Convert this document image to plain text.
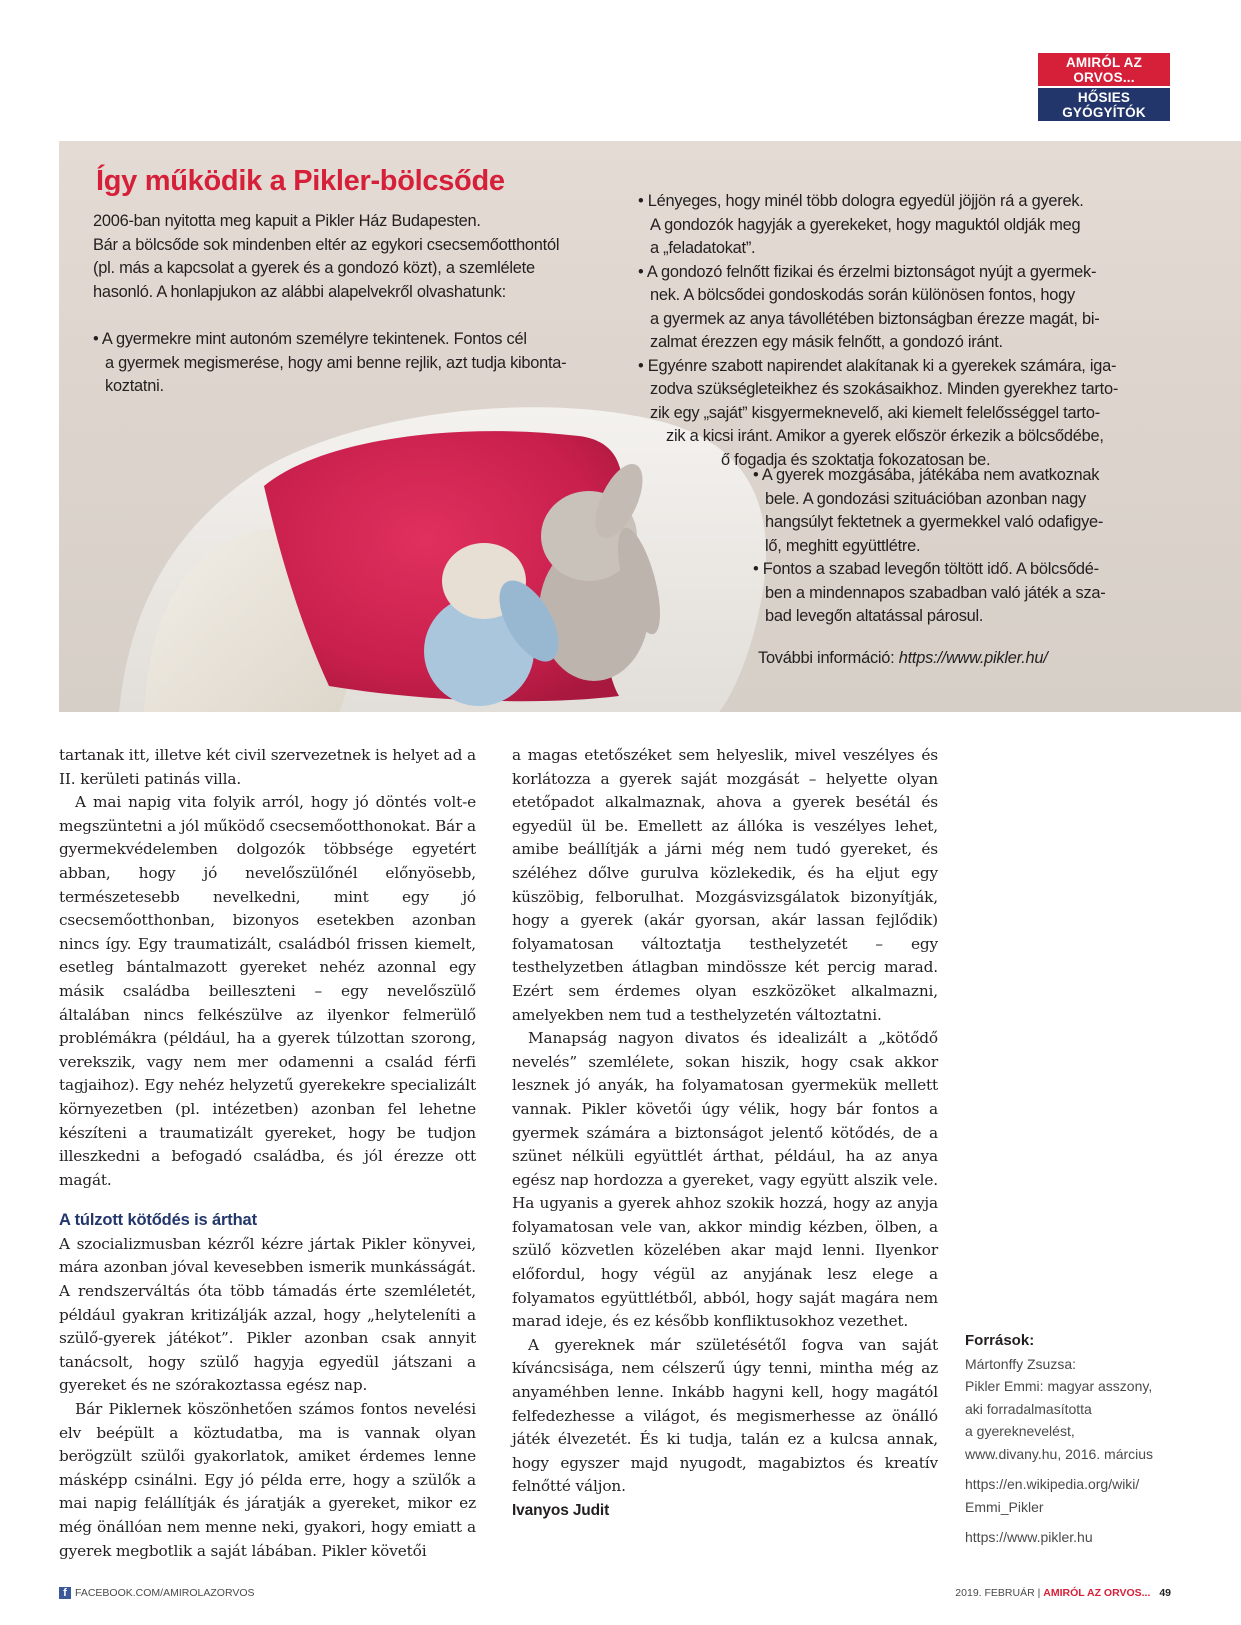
AMIRÓL AZ ORVOS...
HŐSIES GYÓGYÍTÓK
Így működik a Pikler-bölcsőde

2006-ban nyitotta meg kapuit a Pikler Ház Budapesten.

Bár a bölcsőde sok mindenben eltér az egykori csecsemőotthontól

(pl. más a kapcsolat a gyerek és a gondozó közt), a szemlélete

hasonló. A honlapjukon az alábbi alapelvekről olvashatunk:

• A gyermekre mint autonóm személyre tekintenek. Fontos cél

a gyermek megismerése, hogy ami benne rejlik, azt tudja kibonta-

koztatni.

• Lényeges, hogy minél több dologra egyedül jöjjön rá a gyerek.

A gondozók hagyják a gyerekeket, hogy maguktól oldják meg

a „feladatokat”.

• A gondozó felnőtt fizikai és érzelmi biztonságot nyújt a gyermek-

nek. A bölcsődei gondoskodás során különösen fontos, hogy

a gyermek az anya távollétében biztonságban érezze magát, bi-

zalmat érezzen egy másik felnőtt, a gondozó iránt.

• Egyénre szabott napirendet alakítanak ki a gyerekek számára, iga-

zodva szükségleteikhez és szokásaikhoz. Minden gyerekhez tarto-

zik egy „saját” kisgyermeknevelő, aki kiemelt felelősséggel tarto-

zik a kicsi iránt. Amikor a gyerek először érkezik a bölcsődébe,

ő fogadja és szoktatja fokozatosan be.

• A gyerek mozgásába, játékába nem avatkoznak

bele. A gondozási szituációban azonban nagy

hangsúlyt fektetnek a gyermekkel való odafigye-

lő, meghitt együttlétre.

• Fontos a szabad levegőn töltött idő. A bölcsődé-

ben a mindennapos szabadban való játék a sza-

bad levegőn altatással párosul.

További információ: https://www.pikler.hu/

tartanak itt, illetve két civil szervezetnek is helyet ad a II. kerületi patinás villa.

A mai napig vita folyik arról, hogy jó döntés volt-e megszüntetni a jól működő csecsemőotthonokat. Bár a gyermekvédelemben dolgozók többsége egyetért abban, hogy jó nevelőszülőnél előnyösebb, természetesebb nevelkedni, mint egy jó csecsemőotthonban, bizonyos esetekben azonban nincs így. Egy traumatizált, családból frissen kiemelt, esetleg bántalmazott gyereket nehéz azonnal egy másik családba beilleszteni – egy nevelőszülő általában nincs felkészülve az ilyenkor felmerülő problémákra (például, ha a gyerek túlzottan szorong, verekszik, vagy nem mer odamenni a család férfi tagjaihoz). Egy nehéz helyzetű gyerekekre specializált környezetben (pl. intézetben) azonban fel lehetne készíteni a traumatizált gyereket, hogy be tudjon illeszkedni a befogadó családba, és jól érezze ott magát.

A túlzott kötődés is árthat

A szocializmusban kézről kézre jártak Pikler könyvei, mára azonban jóval kevesebben ismerik munkásságát. A rendszerváltás óta több támadás érte szemléletét, például gyakran kritizálják azzal, hogy „helyteleníti a szülő-gyerek játékot”. Pikler azonban csak annyit tanácsolt, hogy szülő hagyja egyedül játszani a gyereket és ne szórakoztassa egész nap.

Bár Piklernek köszönhetően számos fontos nevelési elv beépült a köztudatba, ma is vannak olyan berögzült szülői gyakorlatok, amiket érdemes lenne másképp csinálni. Egy jó példa erre, hogy a szülők a mai napig felállítják és járatják a gyereket, mikor ez még önállóan nem menne neki, gyakori, hogy emiatt a gyerek megbotlik a saját lábában. Pikler követői

a magas etetőszéket sem helyeslik, mivel veszélyes és korlátozza a gyerek saját mozgását – helyette olyan etetőpadot alkalmaznak, ahova a gyerek besétál és egyedül ül be. Emellett az állóka is veszélyes lehet, amibe beállítják a járni még nem tudó gyereket, és széléhez dőlve gurulva közlekedik, és ha eljut egy küszöbig, felborulhat. Mozgásvizsgálatok bizonyítják, hogy a gyerek (akár gyorsan, akár lassan fejlődik) folyamatosan változtatja testhelyzetét – egy testhelyzetben átlagban mindössze két percig marad. Ezért sem érdemes olyan eszközöket alkalmazni, amelyekben nem tud a testhelyzetén változtatni.

Manapság nagyon divatos és idealizált a „kötődő nevelés” szemlélete, sokan hiszik, hogy csak akkor lesznek jó anyák, ha folyamatosan gyermekük mellett vannak. Pikler követői úgy vélik, hogy bár fontos a gyermek számára a biztonságot jelentő kötődés, de a szünet nélküli együttlét árthat, például, ha az anya egész nap hordozza a gyereket, vagy együtt alszik vele. Ha ugyanis a gyerek ahhoz szokik hozzá, hogy az anyja folyamatosan vele van, akkor mindig kézben, ölben, a szülő közvetlen közelében akar majd lenni. Ilyenkor előfordul, hogy végül az anyjának lesz elege a folyamatos együttlétből, abból, hogy saját magára nem marad ideje, és ez később konfliktusokhoz vezethet.

A gyereknek már születésétől fogva van saját kíváncsisága, nem célszerű úgy tenni, mintha még az anyaméhben lenne. Inkább hagyni kell, hogy magától felfedezhesse a világot, és megismerhesse az önálló játék élvezetét. És ki tudja, talán ez a kulcsa annak, hogy egyszer majd nyugodt, magabiztos és kreatív felnőtté váljon.

Ivanyos Judit

Források:

Mártonffy Zsuzsa:

Pikler Emmi: magyar asszony,

aki forradalmasította

a gyereknevelést,

www.divany.hu, 2016. március

https://en.wikipedia.org/wiki/

Emmi_Pikler

https://www.pikler.hu

f FACEBOOK.COM/AMIROLAZORVOS	2019. FEBRUÁR | AMIRÓL AZ ORVOS... 49
